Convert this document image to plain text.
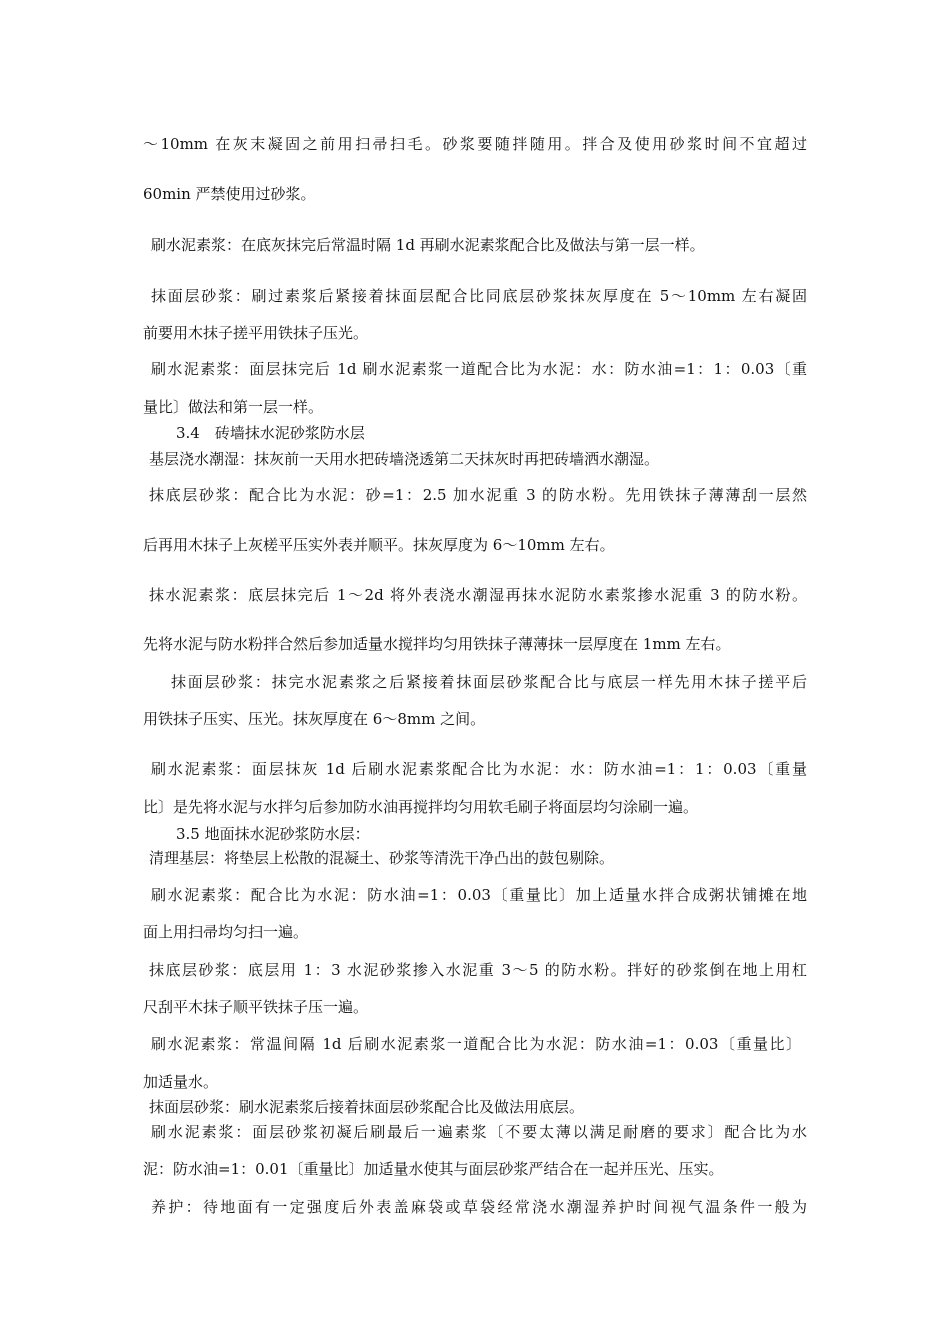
～10mm 在灰末凝固之前用扫帚扫毛。砂浆要随拌随用。拌合及使用砂浆时间不宜超过
60min 严禁使用过砂浆。
刷水泥素浆：在底灰抹完后常温时隔 1d 再刷水泥素浆配合比及做法与第一层一样。
抹面层砂浆：刷过素浆后紧接着抹面层配合比同底层砂浆抹灰厚度在 5～10mm 左右凝固
前要用木抹子搓平用铁抹子压光。
刷水泥素浆：面层抹完后 1d 刷水泥素浆一道配合比为水泥：水：防水油=1：1：0.03〔重
量比〕做法和第一层一样。
3.4　砖墙抹水泥砂浆防水层
基层浇水潮湿：抹灰前一天用水把砖墙浇透第二天抹灰时再把砖墙洒水潮湿。
抹底层砂浆：配合比为水泥：砂=1：2.5 加水泥重 3 的防水粉。先用铁抹子薄薄刮一层然
后再用木抹子上灰槎平压实外表并顺平。抹灰厚度为 6～10mm 左右。
抹水泥素浆：底层抹完后 1～2d 将外表浇水潮湿再抹水泥防水素浆掺水泥重 3 的防水粉。
先将水泥与防水粉拌合然后参加适量水搅拌均匀用铁抹子薄薄抹一层厚度在 1mm 左右。
抹面层砂浆：抹完水泥素浆之后紧接着抹面层砂浆配合比与底层一样先用木抹子搓平后
用铁抹子压实、压光。抹灰厚度在 6～8mm 之间。
刷水泥素浆：面层抹灰 1d 后刷水泥素浆配合比为水泥：水：防水油=1：1：0.03〔重量
比〕是先将水泥与水拌匀后参加防水油再搅拌均匀用软毛刷子将面层均匀涂刷一遍。
3.5 地面抹水泥砂浆防水层：
清理基层：将垫层上松散的混凝土、砂浆等清洗干净凸出的鼓包剔除。
刷水泥素浆：配合比为水泥：防水油=1：0.03〔重量比〕加上适量水拌合成粥状铺摊在地
面上用扫帚均匀扫一遍。
抹底层砂浆：底层用 1：3 水泥砂浆掺入水泥重 3～5 的防水粉。拌好的砂浆倒在地上用杠
尺刮平木抹子顺平铁抹子压一遍。
刷水泥素浆：常温间隔 1d 后刷水泥素浆一道配合比为水泥：防水油=1：0.03〔重量比〕
加适量水。
抹面层砂浆：刷水泥素浆后接着抹面层砂浆配合比及做法用底层。
刷水泥素浆：面层砂浆初凝后刷最后一遍素浆〔不要太薄以满足耐磨的要求〕配合比为水
泥：防水油=1：0.01〔重量比〕加适量水使其与面层砂浆严结合在一起并压光、压实。
养护：待地面有一定强度后外表盖麻袋或草袋经常浇水潮湿养护时间视气温条件一般为
